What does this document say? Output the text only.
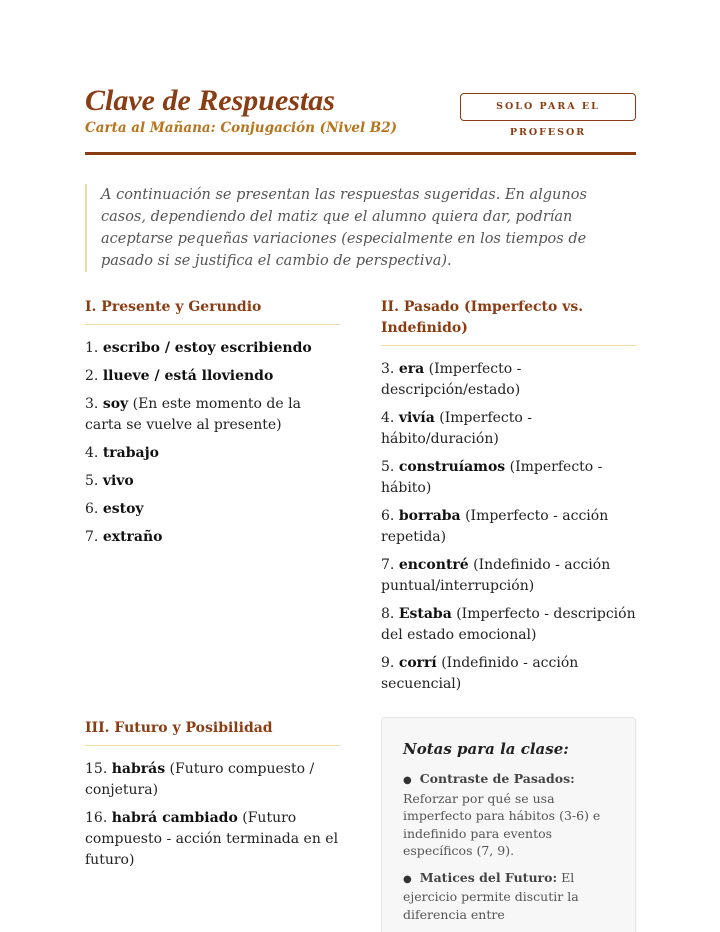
Clave de Respuestas
Carta al Mañana: Conjugación (Nivel B2)
SOLO PARA EL PROFESOR
A continuación se presentan las respuestas sugeridas. En algunos casos, dependiendo del matiz que el alumno quiera dar, podrían aceptarse pequeñas variaciones (especialmente en los tiempos de pasado si se justifica el cambio de perspectiva).
I. Presente y Gerundio
1. escribo / estoy escribiendo
2. llueve / está lloviendo
3. soy (En este momento de la carta se vuelve al presente)
4. trabajo
5. vivo
6. estoy
7. extraño
II. Pasado (Imperfecto vs. Indefinido)
3. era (Imperfecto - descripción/estado)
4. vivía (Imperfecto - hábito/duración)
5. construíamos (Imperfecto - hábito)
6. borraba (Imperfecto - acción repetida)
7. encontré (Indefinido - acción puntual/interrupción)
8. Estaba (Imperfecto - descripción del estado emocional)
9. corrí (Indefinido - acción secuencial)
III. Futuro y Posibilidad
15. habrás (Futuro compuesto / conjetura)
16. habrá cambiado (Futuro compuesto - acción terminada en el futuro)
Notas para la clase:
● Contraste de Pasados: Reforzar por qué se usa imperfecto para hábitos (3-6) e indefinido para eventos específicos (7, 9).
● Matices del Futuro: El ejercicio permite discutir la diferencia entre
